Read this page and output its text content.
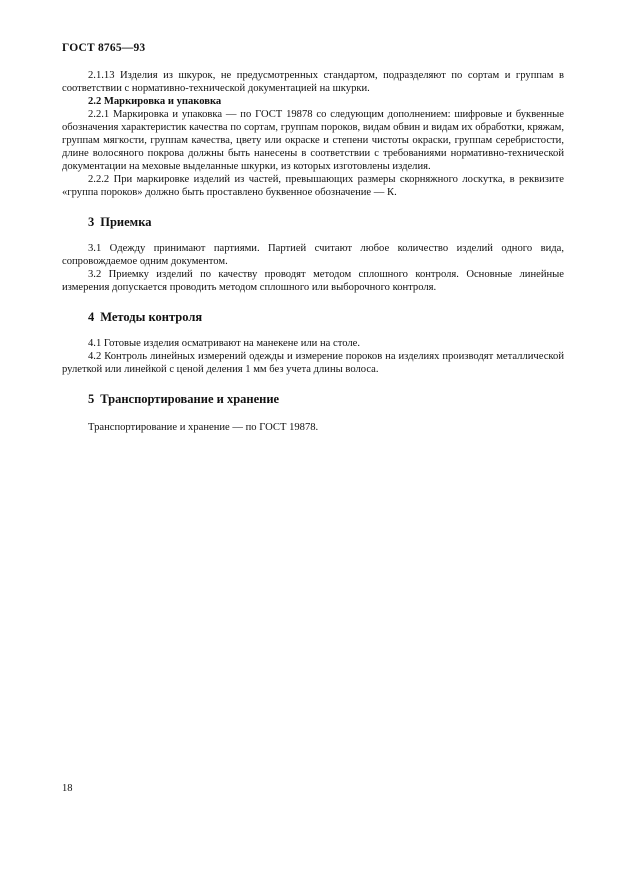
ГОСТ 8765—93

2.1.13 Изделия из шкурок, не предусмотренных стандартом, подразделяют по сортам и группам в соответствии с нормативно-технической документацией на шкурки.

2.2 Маркировка и упаковка

2.2.1 Маркировка и упаковка — по ГОСТ 19878 со следующим дополнением: шифровые и буквенные обозначения характеристик качества по сортам, группам пороков, видам обвин и видам их обработки, кряжам, группам мягкости, группам качества, цвету или окраске и степени чистоты окраски, группам серебристости, длине волосяного покрова должны быть нанесены в соответствии с требованиями нормативно-технической документации на меховые выделанные шкурки, из которых изготовлены изделия.

2.2.2 При маркировке изделий из частей, превышающих размеры скорняжного лоскутка, в реквизите «группа пороков» должно быть проставлено буквенное обозначение — К.

3 Приемка

3.1 Одежду принимают партиями. Партией считают любое количество изделий одного вида, сопровождаемое одним документом.

3.2 Приемку изделий по качеству проводят методом сплошного контроля. Основные линейные измерения допускается проводить методом сплошного или выборочного контроля.

4 Методы контроля

4.1 Готовые изделия осматривают на манекене или на столе.

4.2 Контроль линейных измерений одежды и измерение пороков на изделиях производят металлической рулеткой или линейкой с ценой деления 1 мм без учета длины волоса.

5 Транспортирование и хранение

Транспортирование и хранение — по ГОСТ 19878.

18
